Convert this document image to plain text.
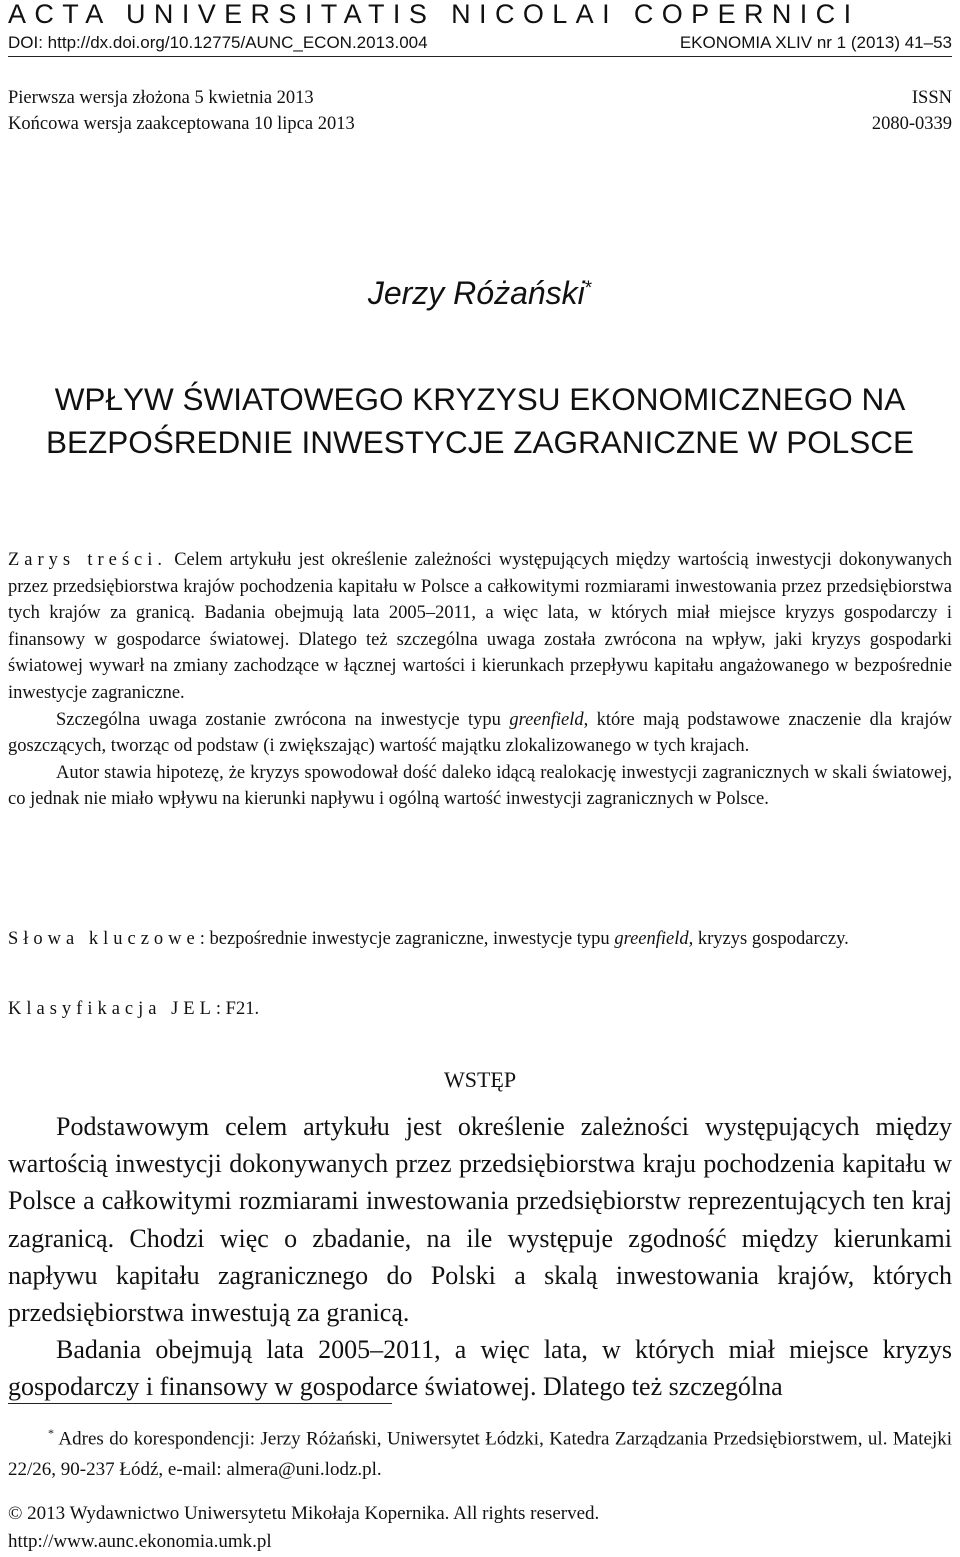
ACTA UNIVERSITATIS NICOLAI COPERNICI
DOI: http://dx.doi.org/10.12775/AUNC_ECON.2013.004	EKONOMIA XLIV nr 1 (2013) 41–53
Pierwsza wersja złożona 5 kwietnia 2013	ISSN
Końcowa wersja zaakceptowana 10 lipca 2013	2080-0339
Jerzy Różański*
WPŁYW ŚWIATOWEGO KRYZYSU EKONOMICZNEGO NA
BEZPOŚREDNIE INWESTYCJE ZAGRANICZNE W POLSCE

Zarys treści. Celem artykułu jest określenie zależności występujących między wartością inwestycji dokonywanych przez przedsiębiorstwa krajów pochodzenia kapitału w Polsce a całkowitymi rozmiarami inwestowania przez przedsiębiorstwa tych krajów za granicą. Badania obejmują lata 2005–2011, a więc lata, w których miał miejsce kryzys gospodarczy i finansowy w gospodarce światowej. Dlatego też szczególna uwaga została zwrócona na wpływ, jaki kryzys gospodarki światowej wywarł na zmiany zachodzące w łącznej wartości i kierunkach przepływu kapitału angażowanego w bezpośrednie inwestycje zagraniczne.

Szczególna uwaga zostanie zwrócona na inwestycje typu greenfield, które mają podstawowe znaczenie dla krajów goszczących, tworząc od podstaw (i zwiększając) wartość majątku zlokalizowanego w tych krajach.

Autor stawia hipotezę, że kryzys spowodował dość daleko idącą realokację inwestycji zagranicznych w skali światowej, co jednak nie miało wpływu na kierunki napływu i ogólną wartość inwestycji zagranicznych w Polsce.

Słowa kluczowe: bezpośrednie inwestycje zagraniczne, inwestycje typu greenfield, kryzys gospodarczy.
Klasyfikacja JEL: F21.
WSTĘP

Podstawowym celem artykułu jest określenie zależności występujących między wartością inwestycji dokonywanych przez przedsiębiorstwa kraju pochodzenia kapitału w Polsce a całkowitymi rozmiarami inwestowania przedsiębiorstw reprezentujących ten kraj zagranicą. Chodzi więc o zbadanie, na ile występuje zgodność między kierunkami napływu kapitału zagranicznego do Polski a skalą inwestowania krajów, których przedsiębiorstwa inwestują za granicą.

Badania obejmują lata 2005–2011, a więc lata, w których miał miejsce kryzys gospodarczy i finansowy w gospodarce światowej. Dlatego też szczególna

* Adres do korespondencji: Jerzy Różański, Uniwersytet Łódzki, Katedra Zarządzania Przedsiębiorstwem, ul. Matejki 22/26, 90-237 Łódź, e-mail: almera@uni.lodz.pl.
© 2013 Wydawnictwo Uniwersytetu Mikołaja Kopernika. All rights reserved.
http://www.aunc.ekonomia.umk.pl
